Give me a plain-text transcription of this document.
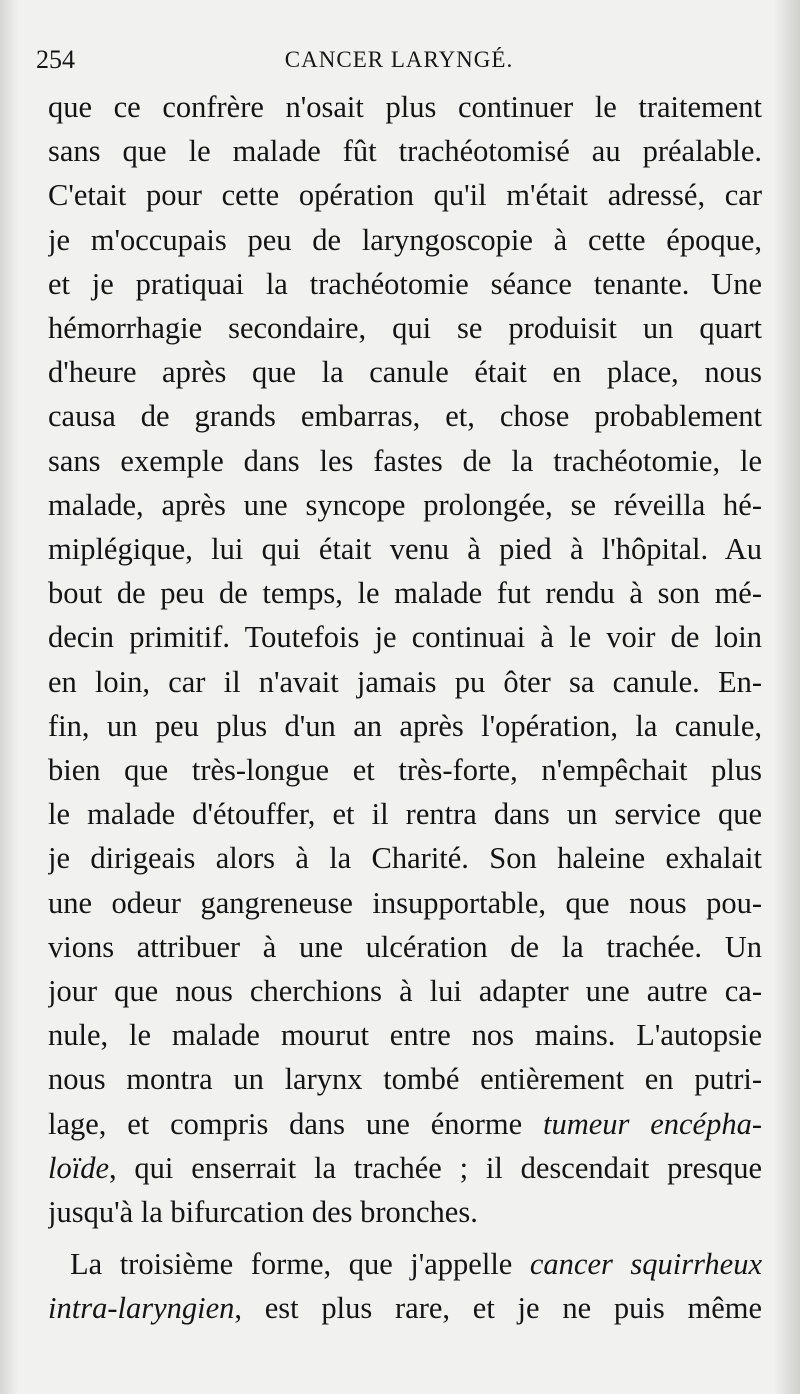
254	CANCER LARYNGÉ.
que ce confrère n'osait plus continuer le traitement
sans que le malade fût trachéotomisé au préalable.
C'etait pour cette opération qu'il m'était adressé, car
je m'occupais peu de laryngoscopie à cette époque,
et je pratiquai la trachéotomie séance tenante. Une
hémorrhagie secondaire, qui se produisit un quart
d'heure après que la canule était en place, nous
causa de grands embarras, et, chose probablement
sans exemple dans les fastes de la trachéotomie, le
malade, après une syncope prolongée, se réveilla hé-
miplégique, lui qui était venu à pied à l'hôpital. Au
bout de peu de temps, le malade fut rendu à son mé-
decin primitif. Toutefois je continuai à le voir de loin
en loin, car il n'avait jamais pu ôter sa canule. En-
fin, un peu plus d'un an après l'opération, la canule,
bien que très-longue et très-forte, n'empêchait plus
le malade d'étouffer, et il rentra dans un service que
je dirigeais alors à la Charité. Son haleine exhalait
une odeur gangreneuse insupportable, que nous pou-
vions attribuer à une ulcération de la trachée. Un
jour que nous cherchions à lui adapter une autre ca-
nule, le malade mourut entre nos mains. L'autopsie
nous montra un larynx tombé entièrement en putri-
lage, et compris dans une énorme tumeur encépha-
loïde, qui enserrait la trachée ; il descendait presque
jusqu'à la bifurcation des bronches.
La troisième forme, que j'appelle cancer squirrheux
intra-laryngien, est plus rare, et je ne puis même
